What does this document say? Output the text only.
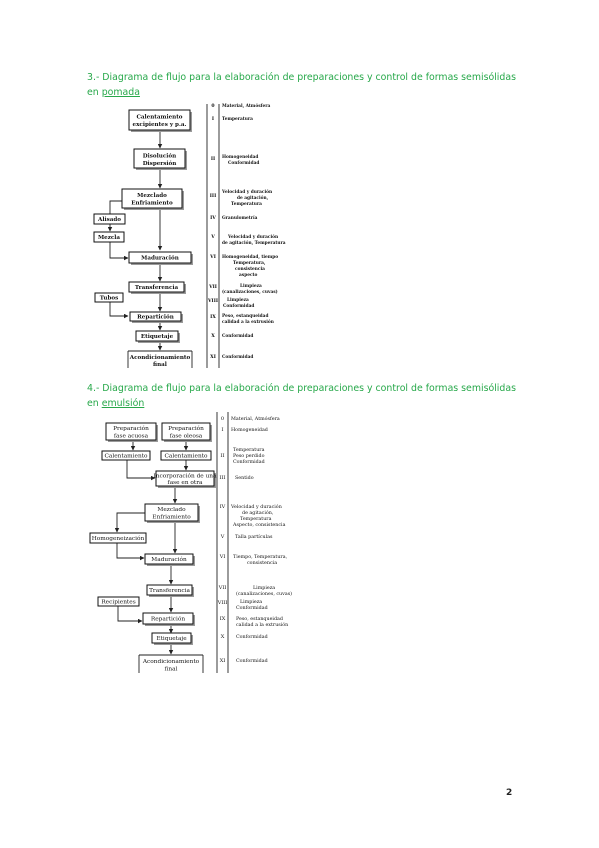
3.- Diagrama de flujo para la elaboración de preparaciones y control de formas semisólidas en pomada
4.- Diagrama de flujo para la elaboración de preparaciones y control de formas semisólidas en emulsión
Calentamiento
excipientes y p.a.
Disolución
Dispersión
Mezclado
Enfriamiento
Alisado
Mezcla
Maduración
Transferencia
Tubos
Repartición
Etiquetaje
Acondicionamiento
final
0 Material, Atmósfera
I Temperatura
II Homogeneidad
Conformidad
III
Velocidad y duración
de agitación,
Temperatura
IV Granulometría
V	Velocidad y duración
de agitación, Temperatura
VI Homogeneidad, tiempo
Temperatura,
consistencia
aspecto
VII	Limpieza
(canalizaciones, cuvas)
VIII Limpieza
Conformidad
IX Peso, estanqueidad
calidad a la extrusión
X Conformidad
XI Conformidad
Preparación
fase acuosa
Preparación
fase oleosa
Calentamiento	Calentamiento
Incorporación de una
fase en otra
Mezclado
Enfriamiento
Homogeneización
Maduración
Transferencia
Recipientes
Repartición
Etiquetaje
Acondicionamiento
final
0 Material, Atmósfera
I Homogeneidad
II
Temperatura
Peso perdido
Conformidad
III Sentido
IV Velocidad y duración
de agitación,
Temperatura
Aspecto, consistencia
V Talla partículas
VI Tiempo, Temperatura,
consistencia
VII	Limpieza
(canalizaciones, cuvas)
VIII	Limpieza
Conformidad
IX Peso, estanqueidad
calidad a la extrusión
X Conformidad
XI Conformidad
2
